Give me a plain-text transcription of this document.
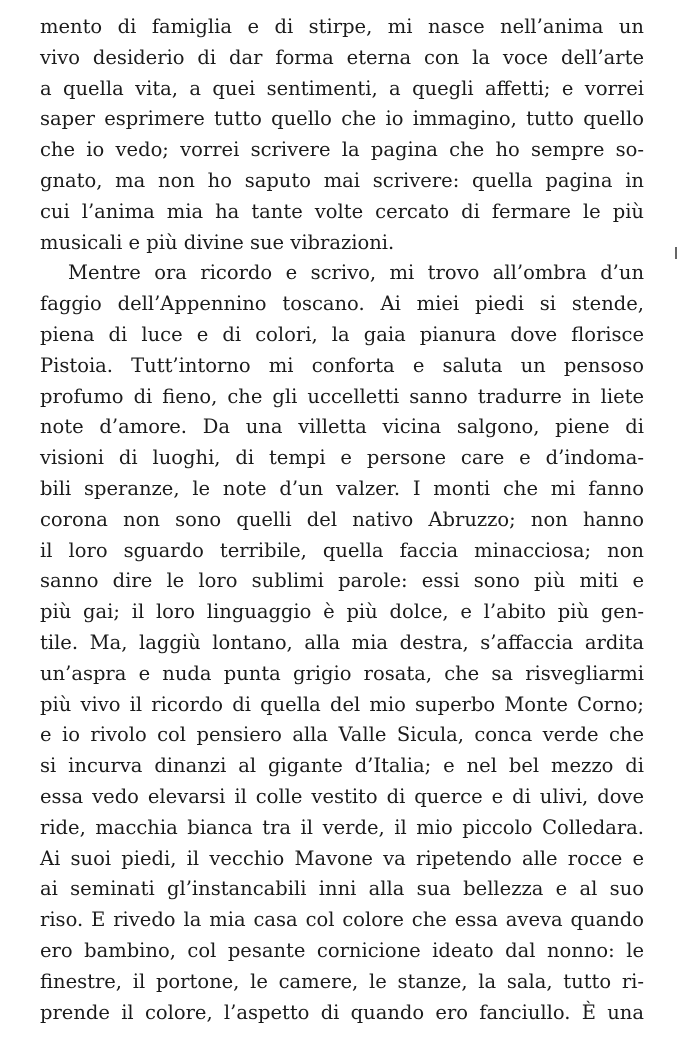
mento di famiglia e di stirpe, mi nasce nell’anima un
vivo desiderio di dar forma eterna con la voce dell’arte
a quella vita, a quei sentimenti, a quegli affetti; e vorrei
saper esprimere tutto quello che io immagino, tutto quello
che io vedo; vorrei scrivere la pagina che ho sempre so-
gnato, ma non ho saputo mai scrivere: quella pagina in
cui l’anima mia ha tante volte cercato di fermare le più
musicali e più divine sue vibrazioni.
Mentre ora ricordo e scrivo, mi trovo all’ombra d’un
faggio dell’Appennino toscano. Ai miei piedi si stende,
piena di luce e di colori, la gaia pianura dove florisce
Pistoia. Tutt’intorno mi conforta e saluta un pensoso
profumo di fieno, che gli uccelletti sanno tradurre in liete
note d’amore. Da una villetta vicina salgono, piene di
visioni di luoghi, di tempi e persone care e d’indoma-
bili speranze, le note d’un valzer. I monti che mi fanno
corona non sono quelli del nativo Abruzzo; non hanno
il loro sguardo terribile, quella faccia minacciosa; non
sanno dire le loro sublimi parole: essi sono più miti e
più gai; il loro linguaggio è più dolce, e l’abito più gen-
tile. Ma, laggiù lontano, alla mia destra, s’affaccia ardita
un’aspra e nuda punta grigio rosata, che sa risvegliarmi
più vivo il ricordo di quella del mio superbo Monte Corno;
e io rivolo col pensiero alla Valle Sicula, conca verde che
si incurva dinanzi al gigante d’Italia; e nel bel mezzo di
essa vedo elevarsi il colle vestito di querce e di ulivi, dove
ride, macchia bianca tra il verde, il mio piccolo Colledara.
Ai suoi piedi, il vecchio Mavone va ripetendo alle rocce e
ai seminati gl’instancabili inni alla sua bellezza e al suo
riso. E rivedo la mia casa col colore che essa aveva quando
ero bambino, col pesante cornicione ideato dal nonno: le
finestre, il portone, le camere, le stanze, la sala, tutto ri-
prende il colore, l’aspetto di quando ero fanciullo. È una
